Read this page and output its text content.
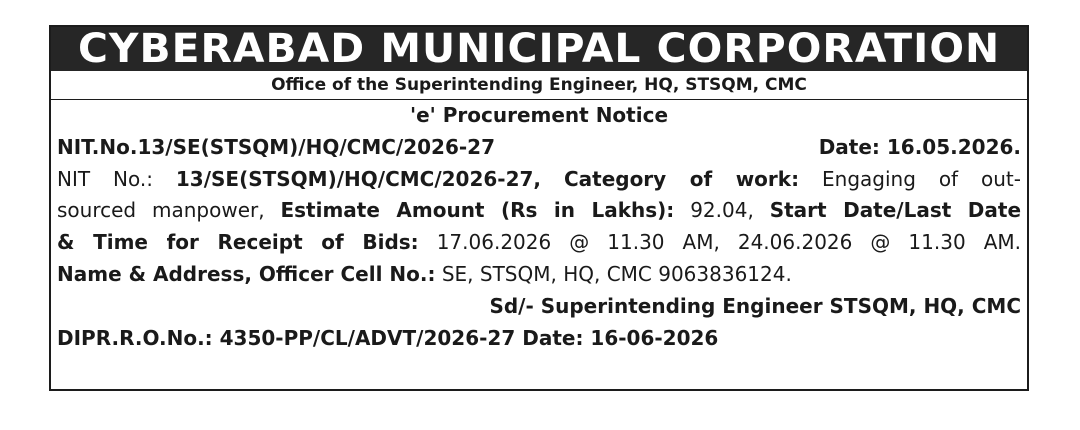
CYBERABAD MUNICIPAL CORPORATION
Office of the Superintending Engineer, HQ, STSQM, CMC
'e' Procurement Notice
NIT.No.13/SE(STSQM)/HQ/CMC/2026-27	Date: 16.05.2026.
NIT No.: 13/SE(STSQM)/HQ/CMC/2026-27, Category of work: Engaging of out-
sourced manpower, Estimate Amount (Rs in Lakhs): 92.04, Start Date/Last Date
& Time for Receipt of Bids: 17.06.2026 @ 11.30 AM, 24.06.2026 @ 11.30 AM.
Name & Address, Officer Cell No.: SE, STSQM, HQ, CMC 9063836124.
Sd/- Superintending Engineer STSQM, HQ, CMC
DIPR.R.O.No.: 4350-PP/CL/ADVT/2026-27 Date: 16-06-2026
